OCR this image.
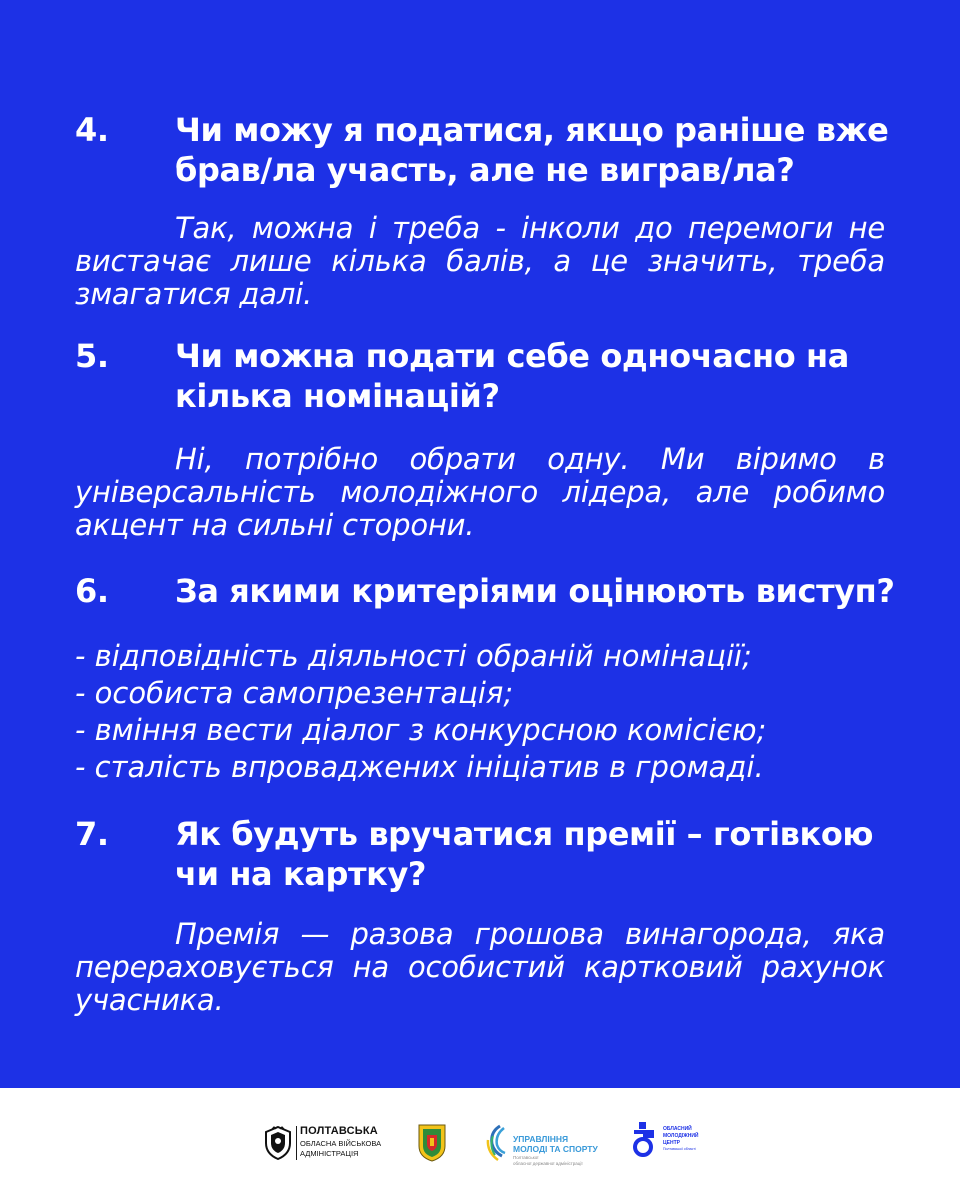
4. Чи можу я податися, якщо раніше вже
брав/ла участь, але не виграв/ла?

Так, можна і треба - інколи до перемоги не вистачає лише кілька балів, а це значить, треба змагатися далі.

5. Чи можна подати себе одночасно на
кілька номінацій?

Ні, потрібно обрати одну. Ми віримо в універсальність молодіжного лідера, але робимо акцент на сильні сторони.

6. За якими критеріями оцінюють виступ?
- відповідність діяльності обраній номінації;
- особиста самопрезентація;
- вміння вести діалог з конкурсною комісією;
- сталість впроваджених ініціатив в громаді.
7. Як будуть вручатися премії – готівкою
чи на картку?

Премія — разова грошова винагорода, яка перераховується на особистий картковий рахунок учасника.

ПОЛТАВСЬКА
ОБЛАСНА ВІЙСЬКОВА
АДМІНІСТРАЦІЯ
УПРАВЛІННЯ
МОЛОДІ ТА СПОРТУ
Полтавської
обласної державної адміністрації
ОБЛАСНИЙ
МОЛОДІЖНИЙ
ЦЕНТР
Полтавської області
